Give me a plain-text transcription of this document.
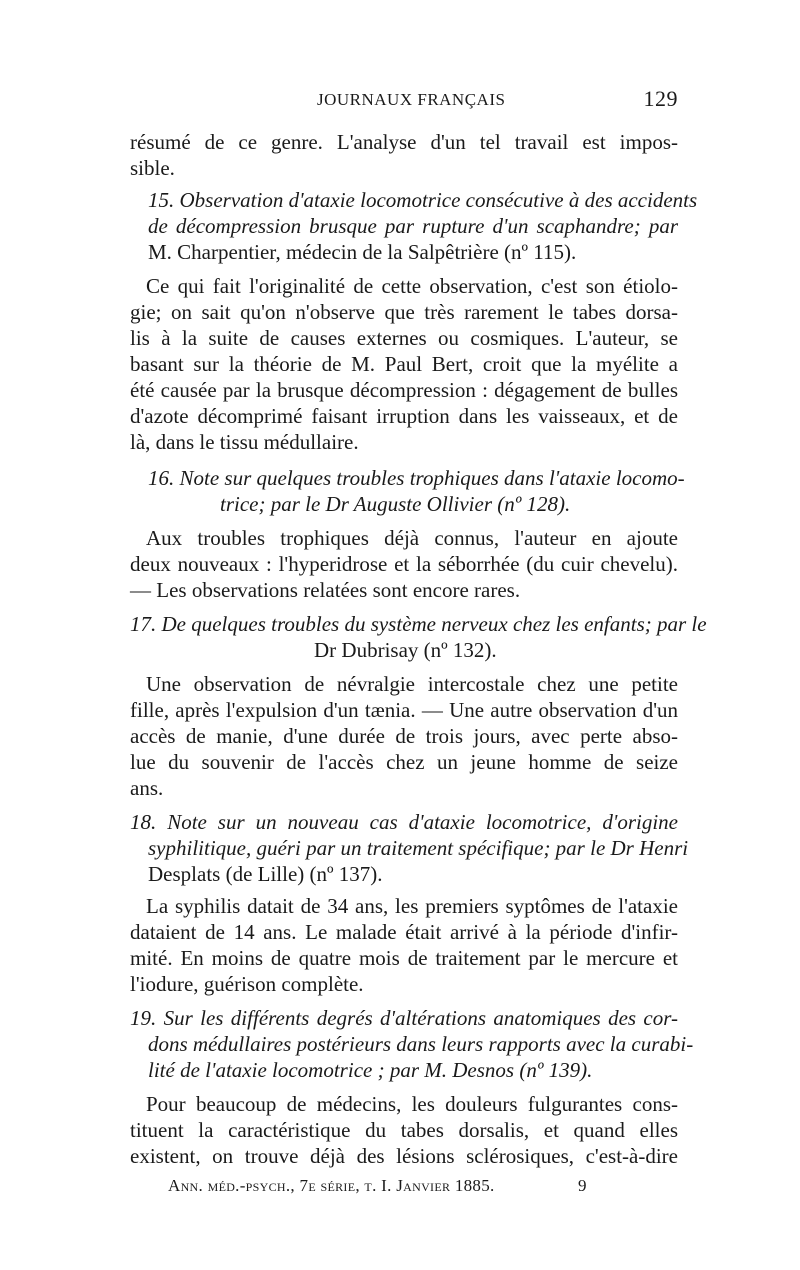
JOURNAUX FRANÇAIS	129
résumé de ce genre. L'analyse d'un tel travail est impos-
sible.
15. Observation d'ataxie locomotrice consécutive à des accidents
de décompression brusque par rupture d'un scaphandre; par
M. Charpentier, médecin de la Salpêtrière (nº 115).
Ce qui fait l'originalité de cette observation, c'est son étiolo-
gie; on sait qu'on n'observe que très rarement le tabes dorsa-
lis à la suite de causes externes ou cosmiques. L'auteur, se
basant sur la théorie de M. Paul Bert, croit que la myélite a
été causée par la brusque décompression : dégagement de bulles
d'azote décomprimé faisant irruption dans les vaisseaux, et de
là, dans le tissu médullaire.
16. Note sur quelques troubles trophiques dans l'ataxie locomo-
trice; par le Dr Auguste Ollivier (nº 128).
Aux troubles trophiques déjà connus, l'auteur en ajoute
deux nouveaux : l'hyperidrose et la séborrhée (du cuir chevelu).
— Les observations relatées sont encore rares.
17. De quelques troubles du système nerveux chez les enfants; par le
Dr Dubrisay (nº 132).
Une observation de névralgie intercostale chez une petite
fille, après l'expulsion d'un tænia. — Une autre observation d'un
accès de manie, d'une durée de trois jours, avec perte abso-
lue du souvenir de l'accès chez un jeune homme de seize
ans.
18. Note sur un nouveau cas d'ataxie locomotrice, d'origine
syphilitique, guéri par un traitement spécifique; par le Dr Henri
Desplats (de Lille) (nº 137).
La syphilis datait de 34 ans, les premiers syptômes de l'ataxie
dataient de 14 ans. Le malade était arrivé à la période d'infir-
mité. En moins de quatre mois de traitement par le mercure et
l'iodure, guérison complète.
19. Sur les différents degrés d'altérations anatomiques des cor-
dons médullaires postérieurs dans leurs rapports avec la curabi-
lité de l'ataxie locomotrice ; par M. Desnos (nº 139).
Pour beaucoup de médecins, les douleurs fulgurantes cons-
tituent la caractéristique du tabes dorsalis, et quand elles
Ann. méd.-psych., 7e série, t. I. Janvier 1885.	9
existent, on trouve déjà des lésions sclérosiques, c'est-à-dire
